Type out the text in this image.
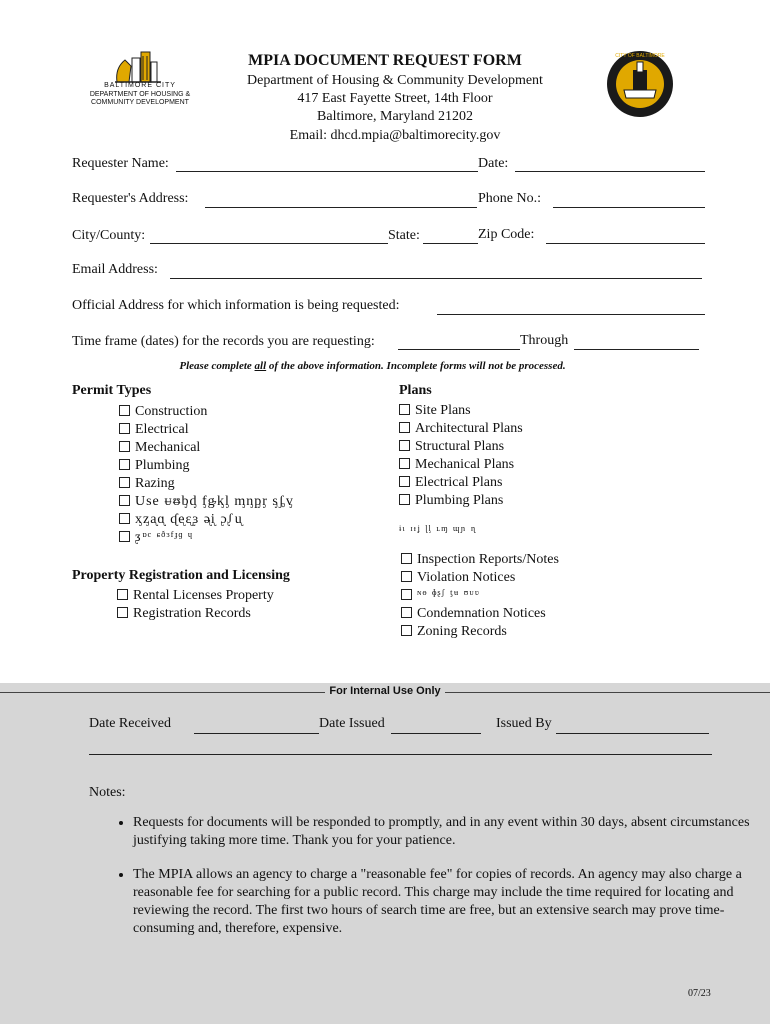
BALTIMORE CITY
DEPARTMENT OF HOUSING &
COMMUNITY DEVELOPMENT
CITY OF BALTIMORE
MPIA DOCUMENT REQUEST FORM
Department of Housing & Community Development
417 East Fayette Street, 14th Floor
Baltimore, Maryland 21202
Email: dhcd.mpia@baltimorecity.gov
Requester Name:	Date:
Requester's Address:	Phone No.:
City/County:	State:	Zip Code:
Email Address:
Official Address for which information is being requested:
Time frame (dates) for the records you are requesting:	Through
Please complete all of the above information. Incomplete forms will not be processed.
Permit Types
Construction
Electrical
Mechanical
Plumbing
Razing
Use ᵾᵿᶀᶁ ᶂᶃᶄᶅ ᶆᶇᶈᶉ ᶊᶋᶌ
ᶍᶎᶏᶐ ᶑᶒᶓᶔ ᶕᶖ ᶗᶘᶙ
ᶚᶛᶜ ᶝᶞᶟᶠᶡᶢ ᶣ
Property Registration and Licensing
Rental Licenses Property
Registration Records
Plans
Site Plans
Architectural Plans
Structural Plans
Mechanical Plans
Electrical Plans
Plumbing Plans
ᶤᶥ ᶦᶧᶨ ᶩᶪ ᶫᶬ ᶭᶮ ᶯ
Inspection Reports/Notes
Violation Notices
ᶰᶱ ᶲᶳᶴ ᶵᶶ ᶷᶸᶹ
Condemnation Notices
Zoning Records
For Internal Use Only
Date Received	Date Issued	Issued By
Notes:
• Requests for documents will be responded to promptly, and in any event within 30 days, absent circumstances justifying taking more time. Thank you for your patience.
• The MPIA allows an agency to charge a "reasonable fee" for copies of records. An agency may also charge a reasonable fee for searching for a public record. This charge may include the time required for locating and reviewing the record. The first two hours of search time are free, but an extensive search may prove time-consuming and, therefore, expensive.
07/23
